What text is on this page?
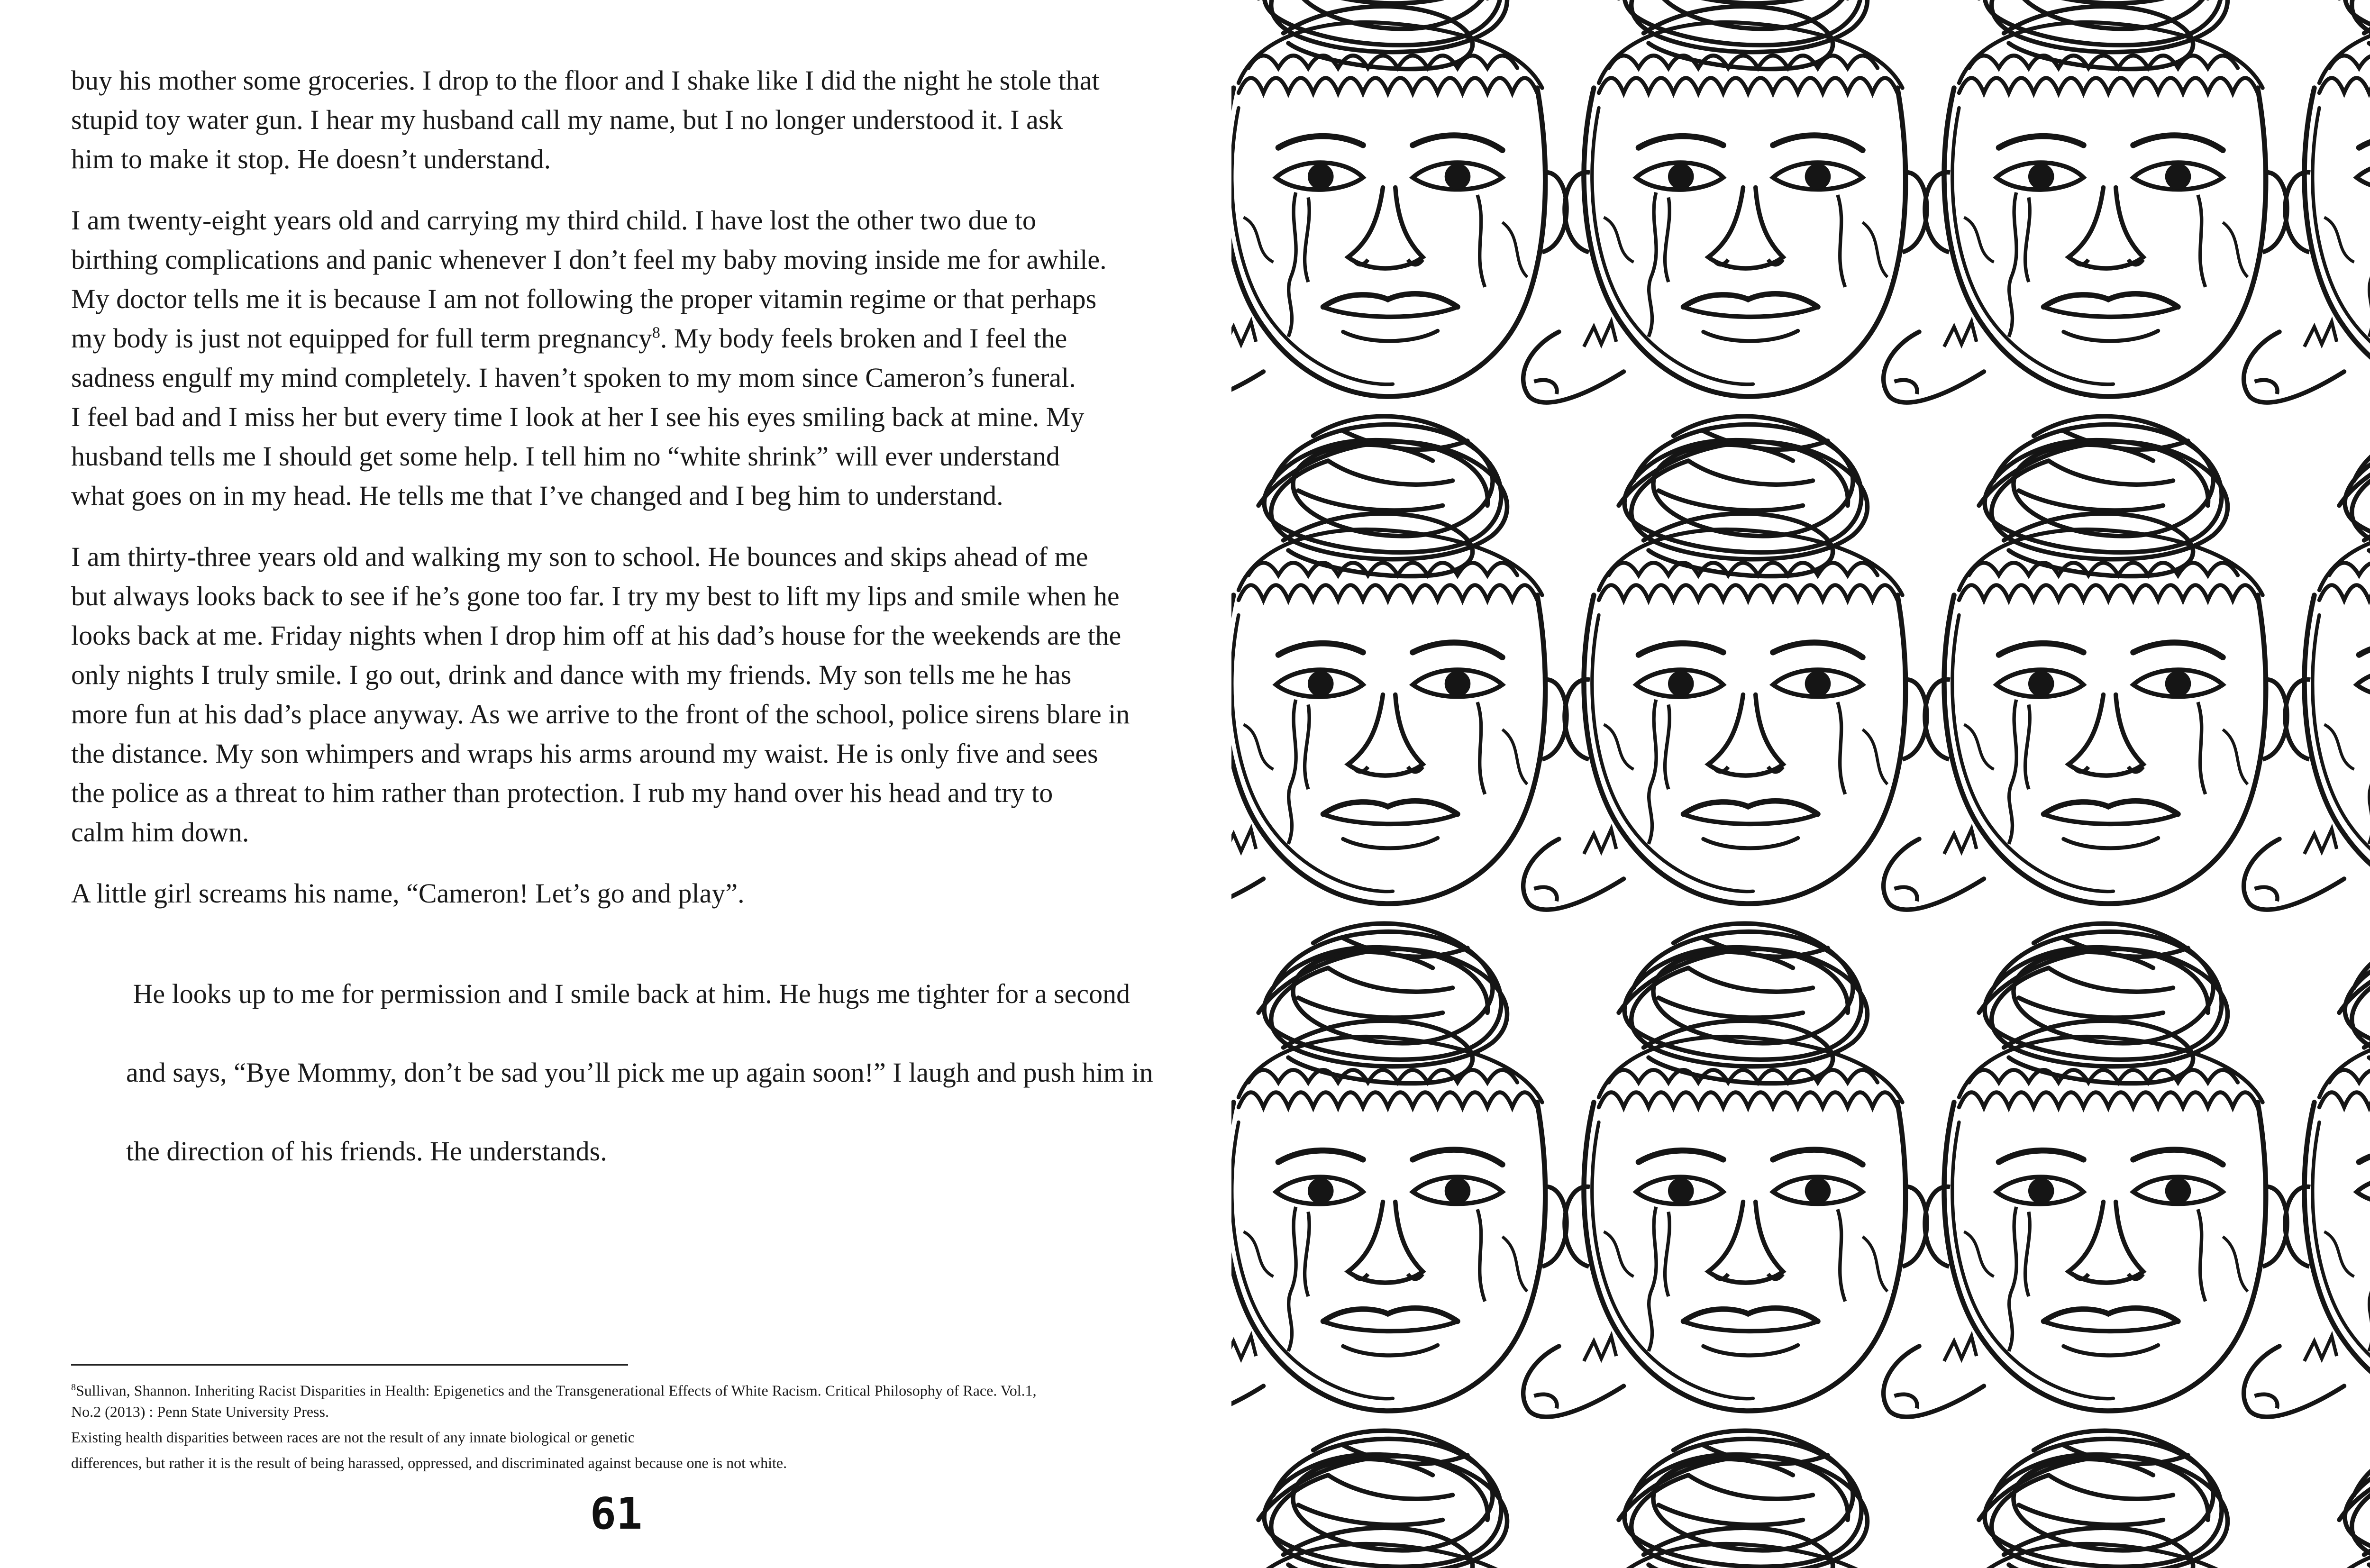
buy his mother some groceries. I drop to the floor and I shake like I did the night he stole that
stupid toy water gun. I hear my husband call my name, but I no longer understood it. I ask
him to make it stop. He doesn’t understand.

I am twenty-eight years old and carrying my third child. I have lost the other two due to
birthing complications and panic whenever I don’t feel my baby moving inside me for awhile.
My doctor tells me it is because I am not following the proper vitamin regime or that perhaps
my body is just not equipped for full term pregnancy$^8$. My body feels broken and I feel the
sadness engulf my mind completely. I haven’t spoken to my mom since Cameron’s funeral.
I feel bad and I miss her but every time I look at her I see his eyes smiling back at mine. My
husband tells me I should get some help. I tell him no “white shrink” will ever understand
what goes on in my head. He tells me that I’ve changed and I beg him to understand.

I am thirty-three years old and walking my son to school. He bounces and skips ahead of me
but always looks back to see if he’s gone too far. I try my best to lift my lips and smile when he
looks back at me. Friday nights when I drop him off at his dad’s house for the weekends are the
only nights I truly smile. I go out, drink and dance with my friends. My son tells me he has
more fun at his dad’s place anyway. As we arrive to the front of the school, police sirens blare in
the distance. My son whimpers and wraps his arms around my waist. He is only five and sees
the police as a threat to him rather than protection. I rub my hand over his head and try to
calm him down.

A little girl screams his name, “Cameron! Let’s go and play”.

He looks up to me for permission and I smile back at him. He hugs me tighter for a second

and says, “Bye Mommy, don’t be sad you’ll pick me up again soon!” I laugh and push him in

the direction of his friends. He understands.

$^8$Sullivan, Shannon. Inheriting Racist Disparities in Health: Epigenetics and the Transgenerational Effects of White Racism. Critical Philosophy of Race. Vol.1,
No.2 (2013) : Penn State University Press.

Existing health disparities between races are not the result of any innate biological or genetic

differences, but rather it is the result of being harassed, oppressed, and discriminated against because one is not white.

61
